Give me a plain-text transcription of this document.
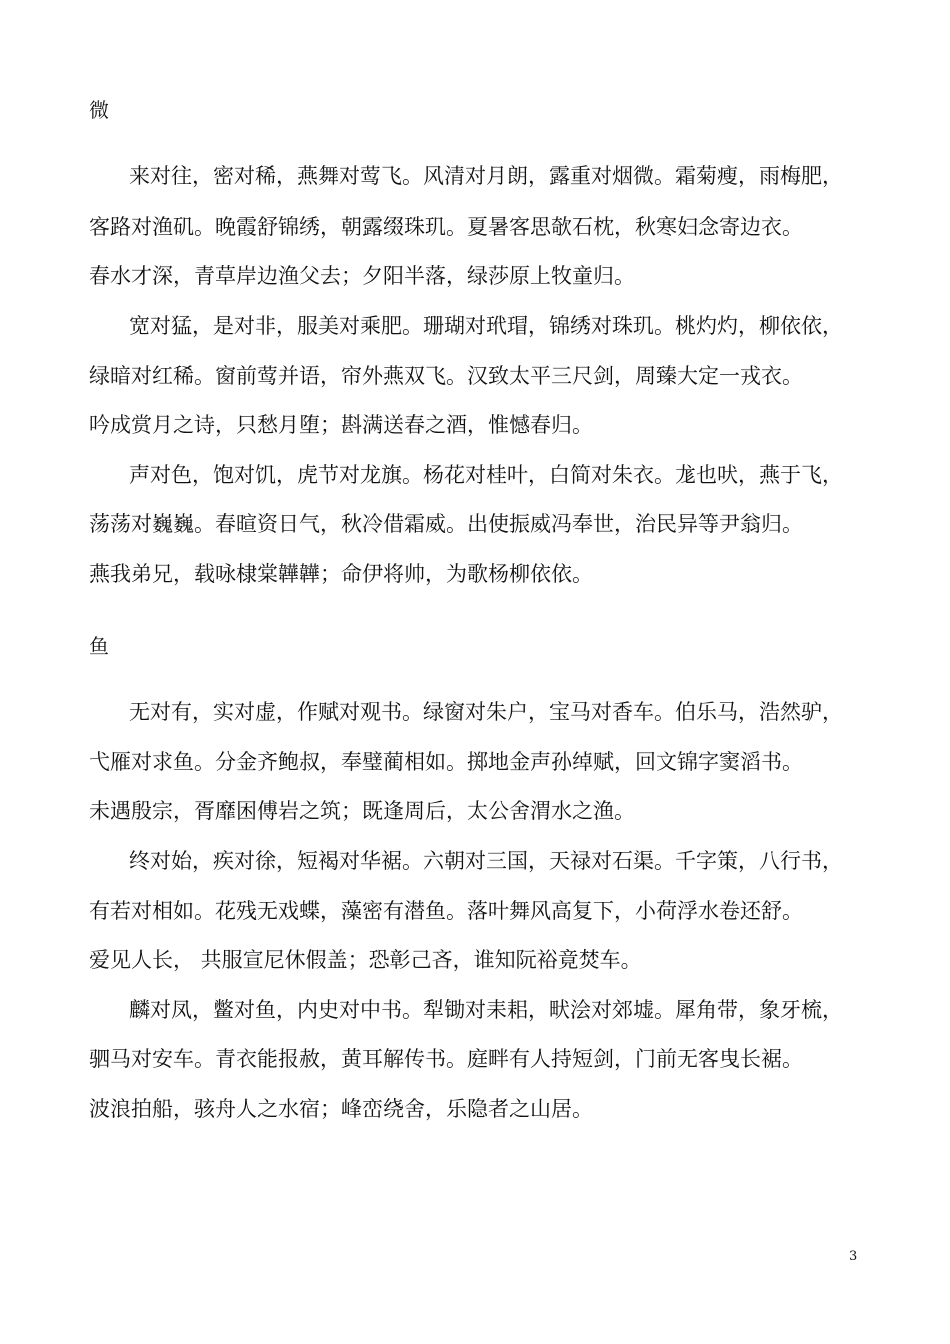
微

来对往，密对稀，燕舞对莺飞。风清对月朗，露重对烟微。霜菊瘦，雨梅肥，

客路对渔矶。晚霞舒锦绣，朝露缀珠玑。夏暑客思欹石枕，秋寒妇念寄边衣。

春水才深，青草岸边渔父去；夕阳半落，绿莎原上牧童归。

宽对猛，是对非，服美对乘肥。珊瑚对玳瑁，锦绣对珠玑。桃灼灼，柳依依，

绿暗对红稀。窗前莺并语，帘外燕双飞。汉致太平三尺剑，周臻大定一戎衣。

吟成赏月之诗，只愁月堕；斟满送春之酒，惟憾春归。

声对色，饱对饥，虎节对龙旗。杨花对桂叶，白简对朱衣。尨也吠，燕于飞，

荡荡对巍巍。春暄资日气，秋冷借霜威。出使振威冯奉世，治民异等尹翁归。

燕我弟兄，载咏棣棠韡韡；命伊将帅，为歌杨柳依依。

鱼

无对有，实对虚，作赋对观书。绿窗对朱户，宝马对香车。伯乐马，浩然驴，

弋雁对求鱼。分金齐鲍叔，奉璧蔺相如。掷地金声孙绰赋，回文锦字窦滔书。

未遇殷宗，胥靡困傅岩之筑；既逢周后，太公舍渭水之渔。

终对始，疾对徐，短褐对华裾。六朝对三国，天禄对石渠。千字策，八行书，

有若对相如。花残无戏蝶，藻密有潜鱼。落叶舞风高复下，小荷浮水卷还舒。

爱见人长， 共服宣尼休假盖；恐彰己吝，谁知阮裕竟焚车。

麟对凤，鳖对鱼，内史对中书。犁锄对耒耜，畎浍对郊墟。犀角带，象牙梳，

驷马对安车。青衣能报赦，黄耳解传书。庭畔有人持短剑，门前无客曳长裾。

波浪拍船，骇舟人之水宿；峰峦绕舍，乐隐者之山居。

3
